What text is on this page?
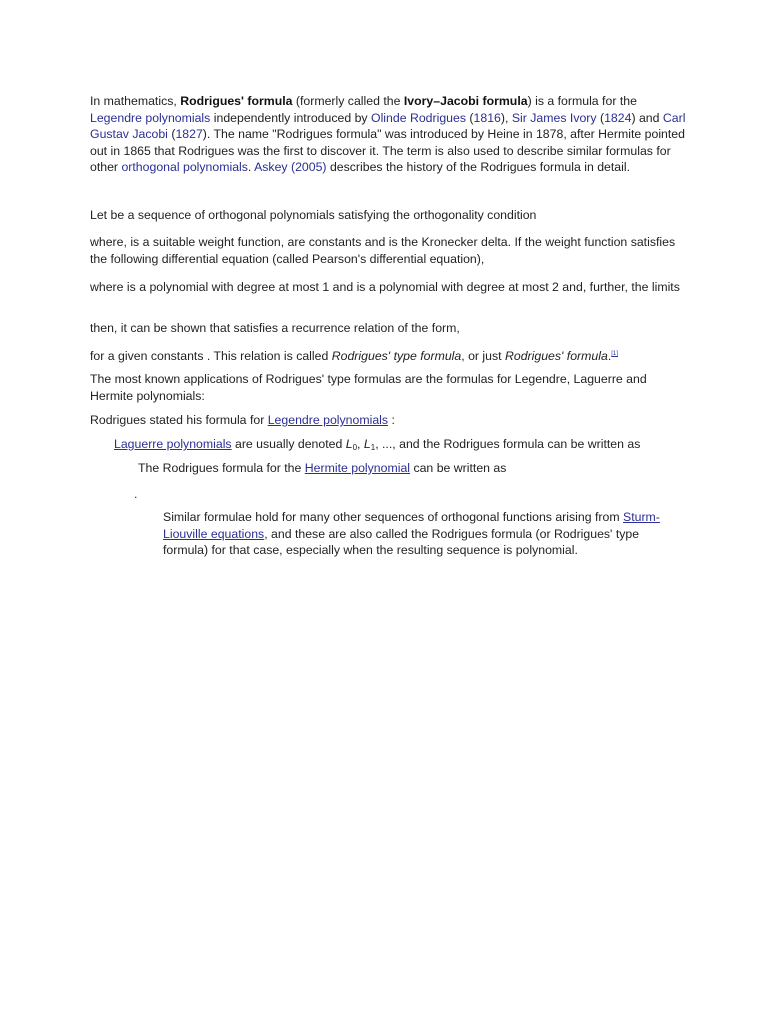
In mathematics, Rodrigues' formula (formerly called the Ivory–Jacobi formula) is a formula for the Legendre polynomials independently introduced by Olinde Rodrigues (1816), Sir James Ivory (1824) and Carl Gustav Jacobi (1827). The name "Rodrigues formula" was introduced by Heine in 1878, after Hermite pointed out in 1865 that Rodrigues was the first to discover it. The term is also used to describe similar formulas for other orthogonal polynomials. Askey (2005) describes the history of the Rodrigues formula in detail.

Let be a sequence of orthogonal polynomials satisfying the orthogonality condition

where, is a suitable weight function, are constants and is the Kronecker delta. If the weight function satisfies the following differential equation (called Pearson's differential equation),

where is a polynomial with degree at most 1 and is a polynomial with degree at most 2 and, further, the limits

then, it can be shown that satisfies a recurrence relation of the form,

for a given constants . This relation is called Rodrigues' type formula, or just Rodrigues' formula.[1]

The most known applications of Rodrigues' type formulas are the formulas for Legendre, Laguerre and Hermite polynomials:

Rodrigues stated his formula for Legendre polynomials :

Laguerre polynomials are usually denoted $L_0$, $L_1$, ..., and the Rodrigues formula can be written as

The Rodrigues formula for the Hermite polynomial can be written as

.

Similar formulae hold for many other sequences of orthogonal functions arising from Sturm-Liouville equations, and these are also called the Rodrigues formula (or Rodrigues' type formula) for that case, especially when the resulting sequence is polynomial.
